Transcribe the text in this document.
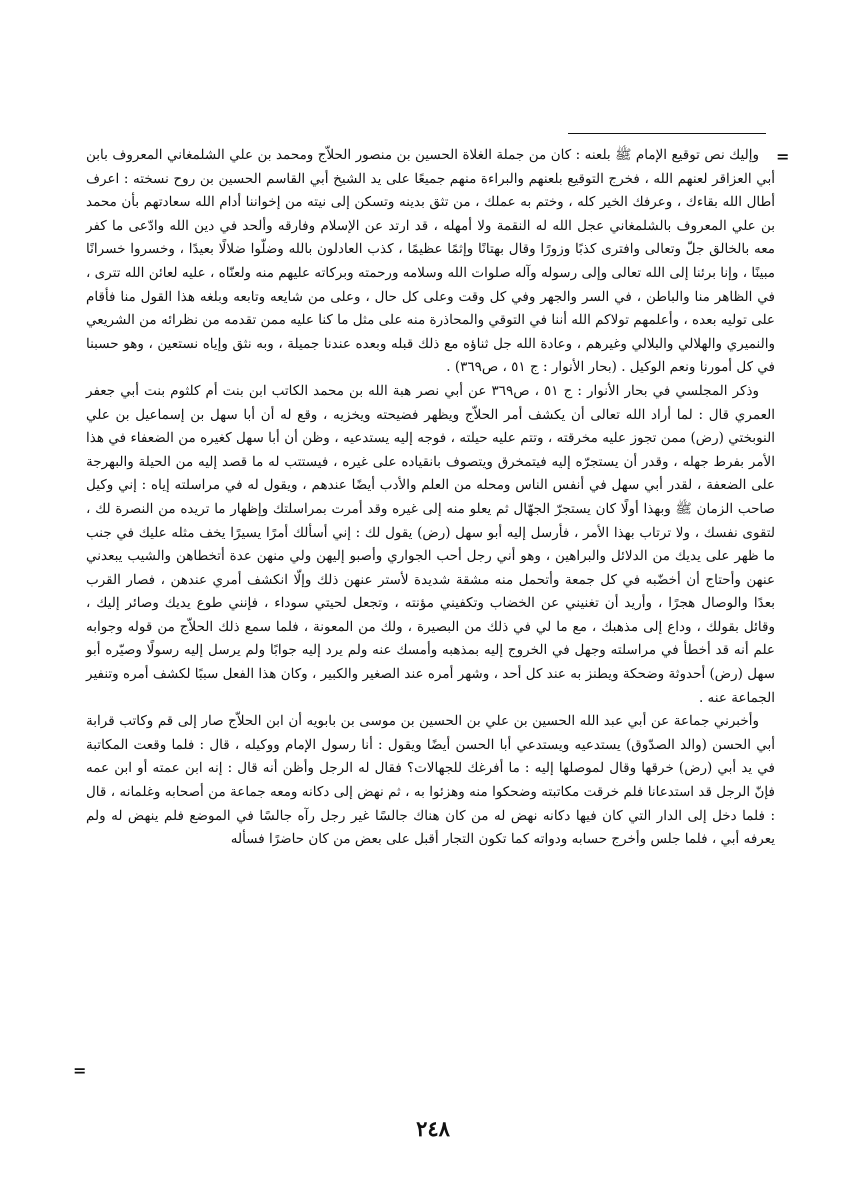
=

وإليك نص توقيع الإمام ﷺ بلعنه : كان من جملة الغلاة الحسين بن منصور الحلاّج ومحمد بن علي الشلمغاني المعروف بابن أبي العزاقر لعنهم الله ، فخرج التوقيع بلعنهم والبراءة منهم جميعًا على يد الشيخ أبي القاسم الحسين بن روح نسخته : اعرف أطال الله بقاءك ، وعرفك الخير كله ، وختم به عملك ، من تثق بدينه وتسكن إلى نيته من إخواننا أدام الله سعادتهم بأن محمد بن علي المعروف بالشلمغاني عجل الله له النقمة ولا أمهله ، قد ارتد عن الإسلام وفارقه وألحد في دين الله وادّعى ما كفر معه بالخالق جلّ وتعالى وافترى كذبًا وزورًا وقال بهتانًا وإثمًا عظيمًا ، كذب العادلون بالله وضلّوا ضلالًا بعيدًا ، وخسروا خسرانًا مبينًا ، وإنا برئنا إلى الله تعالى وإلى رسوله وآله صلوات الله وسلامه ورحمته وبركاته عليهم منه ولعنّاه ، عليه لعائن الله تترى ، في الظاهر منا والباطن ، في السر والجهر وفي كل وقت وعلى كل حال ، وعلى من شايعه وتابعه وبلغه هذا القول منا فأقام على توليه بعده ، وأعلمهم تولاكم الله أننا في التوقي والمحاذرة منه على مثل ما كنا عليه ممن تقدمه من نظرائه من الشريعي والنميري والهلالي والبلالي وغيرهم ، وعادة الله جل ثناؤه مع ذلك قبله وبعده عندنا جميلة ، وبه نثق وإياه نستعين ، وهو حسبنا في كل أمورنا ونعم الوكيل . (بحار الأنوار : ج ٥١ ، ص٣٦٩) .

وذكر المجلسي في بحار الأنوار : ج ٥١ ، ص٣٦٩ عن أبي نصر هبة الله بن محمد الكاتب ابن بنت أم كلثوم بنت أبي جعفر العمري قال : لما أراد الله تعالى أن يكشف أمر الحلاّج ويظهر فضيحته ويخزيه ، وقع له أن أبا سهل بن إسماعيل بن علي النوبختي (رض) ممن تجوز عليه مخرقته ، وتتم عليه حيلته ، فوجه إليه يستدعيه ، وظن أن أبا سهل كغيره من الضعفاء في هذا الأمر بفرط جهله ، وقدر أن يستجرّه إليه فيتمخرق ويتصوف بانقياده على غيره ، فيستتب له ما قصد إليه من الحيلة والبهرجة على الضعفة ، لقدر أبي سهل في أنفس الناس ومحله من العلم والأدب أيضًا عندهم ، ويقول له في مراسلته إياه : إني وكيل صاحب الزمان ﷺ وبهذا أولًا كان يستجرّ الجهّال ثم يعلو منه إلى غيره وقد أمرت بمراسلتك وإظهار ما تريده من النصرة لك ، لتقوى نفسك ، ولا ترتاب بهذا الأمر ، فأرسل إليه أبو سهل (رض) يقول لك : إني أسألك أمرًا يسيرًا يخف مثله عليك في جنب ما ظهر على يديك من الدلائل والبراهين ، وهو أني رجل أحب الجواري وأصبو إليهن ولي منهن عدة أتخطاهن والشيب يبعدني عنهن وأحتاج أن أخضّبه في كل جمعة وأتحمل منه مشقة شديدة لأستر عنهن ذلك وإلّا انكشف أمري عندهن ، فصار القرب بعدًا والوصال هجرًا ، وأريد أن تغنيني عن الخضاب وتكفيني مؤنته ، وتجعل لحيتي سوداء ، فإنني طوع يديك وصائر إليك ، وقائل بقولك ، وداع إلى مذهبك ، مع ما لي في ذلك من البصيرة ، ولك من المعونة ، فلما سمع ذلك الحلاّج من قوله وجوابه علم أنه قد أخطأ في مراسلته وجهل في الخروج إليه بمذهبه وأمسك عنه ولم يرد إليه جوابًا ولم يرسل إليه رسولًا وصيّره أبو سهل (رض) أحدوثة وضحكة ويطنز به عند كل أحد ، وشهر أمره عند الصغير والكبير ، وكان هذا الفعل سببًا لكشف أمره وتنفير الجماعة عنه .

وأخبرني جماعة عن أبي عبد الله الحسين بن علي بن الحسين بن موسى بن بابويه أن ابن الحلاّج صار إلى قم وكاتب قرابة أبي الحسن (والد الصدّوق) يستدعيه ويستدعي أبا الحسن أيضًا ويقول : أنا رسول الإمام ووكيله ، قال : فلما وقعت المكاتبة في يد أبي (رض) خرقها وقال لموصلها إليه : ما أفرغك للجهالات؟ فقال له الرجل وأظن أنه قال : إنه ابن عمته أو ابن عمه فإنّ الرجل قد استدعانا فلم خرقت مكاتبته وضحكوا منه وهزئوا به ، ثم نهض إلى دكانه ومعه جماعة من أصحابه وغلمانه ، قال : فلما دخل إلى الدار التي كان فيها دكانه نهض له من كان هناك جالسًا غير رجل رآه جالسًا في الموضع فلم ينهض له ولم يعرفه أبي ، فلما جلس وأخرج حسابه ودواته كما تكون التجار أقبل على بعض من كان حاضرًا فسأله

=
٢٤٨
